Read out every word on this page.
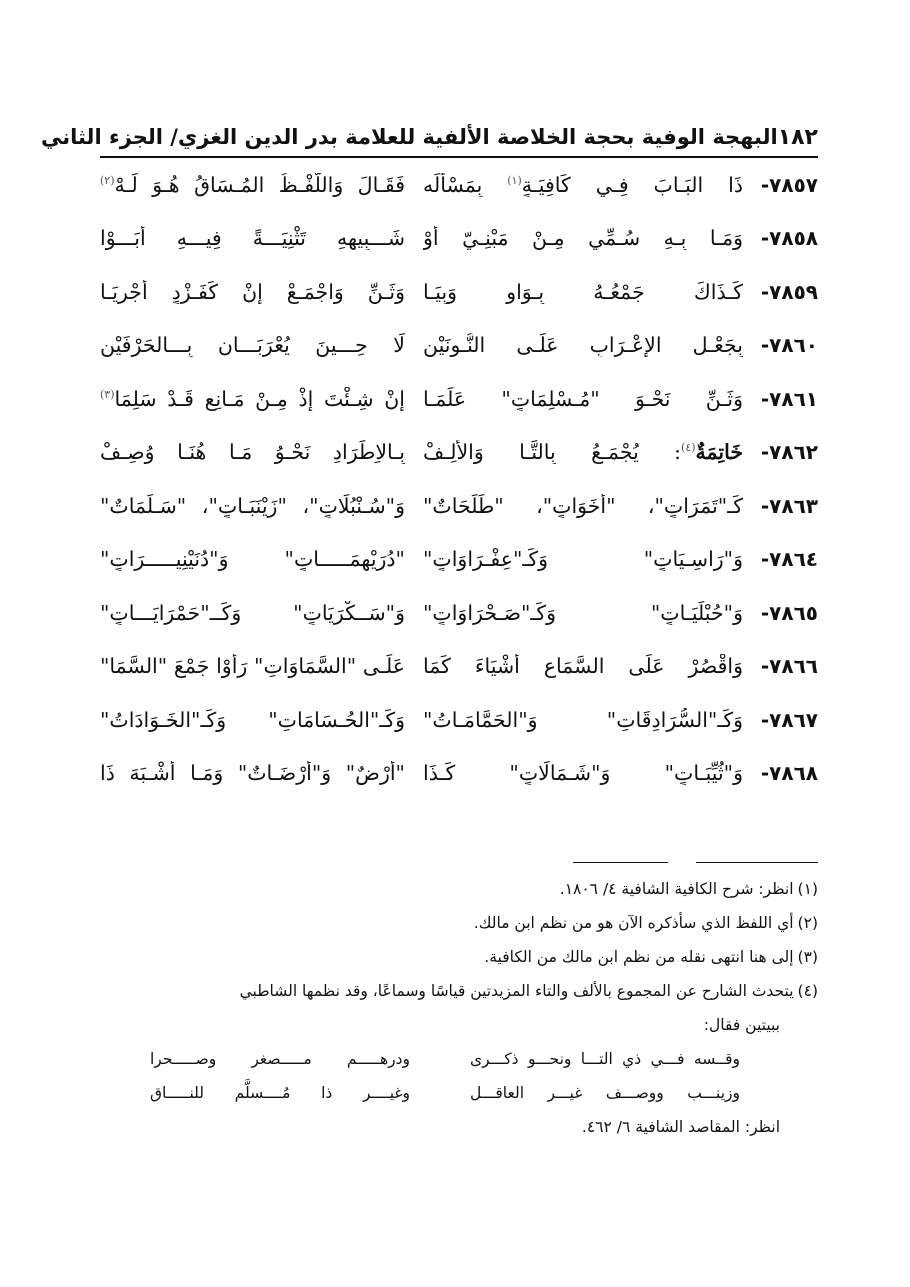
١٨٢
البهجة الوفية بحجة الخلاصة الألفية للعلامة بدر الدين الغزي/ الجزء الثاني
٧٨٥٧-
ذَا البَـابَ فِـي كَافِيَـةٍ$^{(١)}$ بِمَسْأَلَه
فَقَـالَ وَاللَّفْـظُ المُـسَاقُ هُـوَ لَـهْ$^{(٢)}$
٧٨٥٨-
وَمَـا بِـهِ سُـمِّي مِـنْ مَبْنِـيّ أَوْ
شَـــبِيهِهِ تَثْنِيَـــةً فِيـــهِ أَبَـــوْا
٧٨٥٩-
كَـذَاكَ جَمْعُـهُ بِـوَاوٍ وَبِيَـا
وَثَـنِّ وَاجْمَـعْ إِنْ كَفَـزْدٍ أُجْرِيَـا
٧٨٦٠-
بِجَعْـلِ الإِعْـرَابِ عَلَـى النُّـونَيْنِ
لَا حِـــينَ يُعْرَبَـــانِ بِـــالحَرْفَيْنِ
٧٨٦١-
وَثَـنِّ نَحْـوَ "مُـسْلِمَاتٍ" عَلَمَـا
إِنْ شِـئْتَ إِذْ مِـنْ مَـانِعٍ قَـدْ سَلِمَا$^{(٣)}$
٧٨٦٢-
خَاتِمَةٌ$^{(٤)}$: يُجْمَـعُ بِالتَّـا وَالأَلِـفْ
بِـالاِطِّرَادِ نَحْـوُ مَـا هُنَـا وُصِـفْ
٧٨٦٣-
كَـ"تَمَرَاتٍ"، "أَخَوَاتٍ"، "طَلَحَاتٌ"
وَ"سُـنْبُلَاتٍ"، "زَيْنَبَـاتٍ"، "سَـلَمَاتٌ"
٧٨٦٤-
وَ"رَاسِـيَاتٍ" وَكَـ"عِفْـرَاوَاتٍ"
"دُرَيْهِمَـــــاتٍ" وَ"دُنَيْنِيـــــرَاتٍ"
٧٨٦٥-
وَ"حُبْلَيَـاتٍ" وَكَـ"صَـحْرَاوَاتٍ"
وَ"سَــكْرَيَاتٍ" وَكَــ"حَمْرَايَـــاتٍ"
٧٨٦٦-
وَاقْصُرْ عَلَى السَّمَاعِ أَشْيَاءَ كَمَا
عَلَـى "السَّمَاوَاتِ" رَأَوْا جَمْعَ "السَّمَا"
٧٨٦٧-
وَكَـ"السُّرَادِقَاتِ" وَ"الحَمَّامَـاتُ"
وَكَـ"الحُـسَامَاتِ" وَكَـ"الخَـوَادَاتُ"
٧٨٦٨-
وَ"ثُيِّبَـاتٍ" وَ"شَـمَالَاتٍ" كَـذَا
"أَرْضٌ" وَ"أَرْضَـاتٌ" وَمَـا أَشْـبَهَ ذَا

(١)انظر: شرح الكافية الشافية ٤/ ١٨٠٦.

(٢)أي اللفظ الذي سأذكره الآن هو من نظم ابن مالك.

(٣)إلى هنا انتهى نقله من نظم ابن مالك من الكافية.

(٤)يتحدث الشارح عن المجموع بالألف والتاء المزيدتين قياسًا وسماعًا، وقد نظمها الشاطبي

ببيتين فقال:

وقــسه فـــي ذي التـــا ونحـــو ذكـــرى
ودرهـــــم مـــــصغر وصـــــحرا
وزينـــب ووصـــف غيـــر العاقـــل
وغيــــر ذا مُــــسلَّم للنـــــاق

انظر: المقاصد الشافية ٦/ ٤٦٢.
